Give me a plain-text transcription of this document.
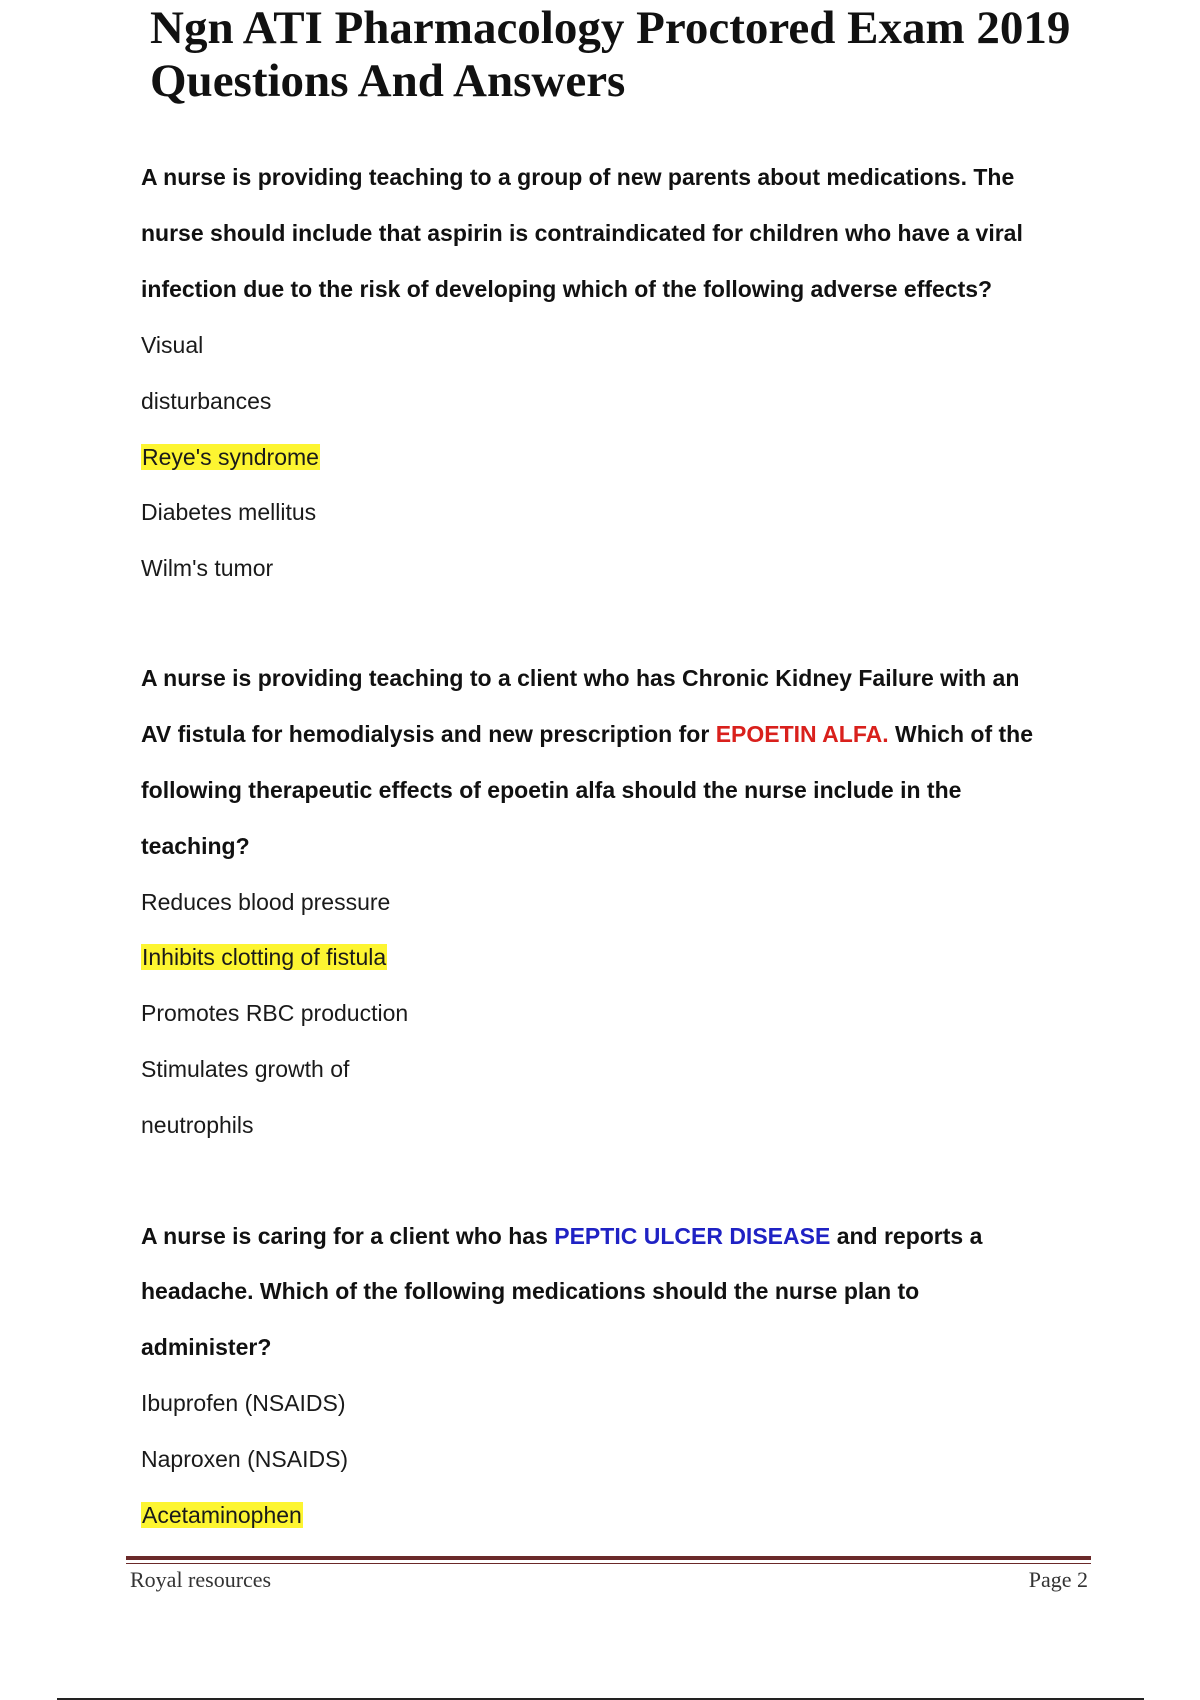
Ngn ATI Pharmacology Proctored Exam 2019
Questions And Answers
A nurse is providing teaching to a group of new parents about medications. The
nurse should include that aspirin is contraindicated for children who have a viral
infection due to the risk of developing which of the following adverse effects?
Visual
disturbances
Reye's syndrome
Diabetes mellitus
Wilm's tumor
A nurse is providing teaching to a client who has Chronic Kidney Failure with an
AV fistula for hemodialysis and new prescription for EPOETIN ALFA. Which of the
following therapeutic effects of epoetin alfa should the nurse include in the
teaching?
Reduces blood pressure
Inhibits clotting of fistula
Promotes RBC production
Stimulates growth of
neutrophils
A nurse is caring for a client who has PEPTIC ULCER DISEASE and reports a
headache. Which of the following medications should the nurse plan to
administer?
Ibuprofen (NSAIDS)
Naproxen (NSAIDS)
Acetaminophen
Royal resources	Page 2
